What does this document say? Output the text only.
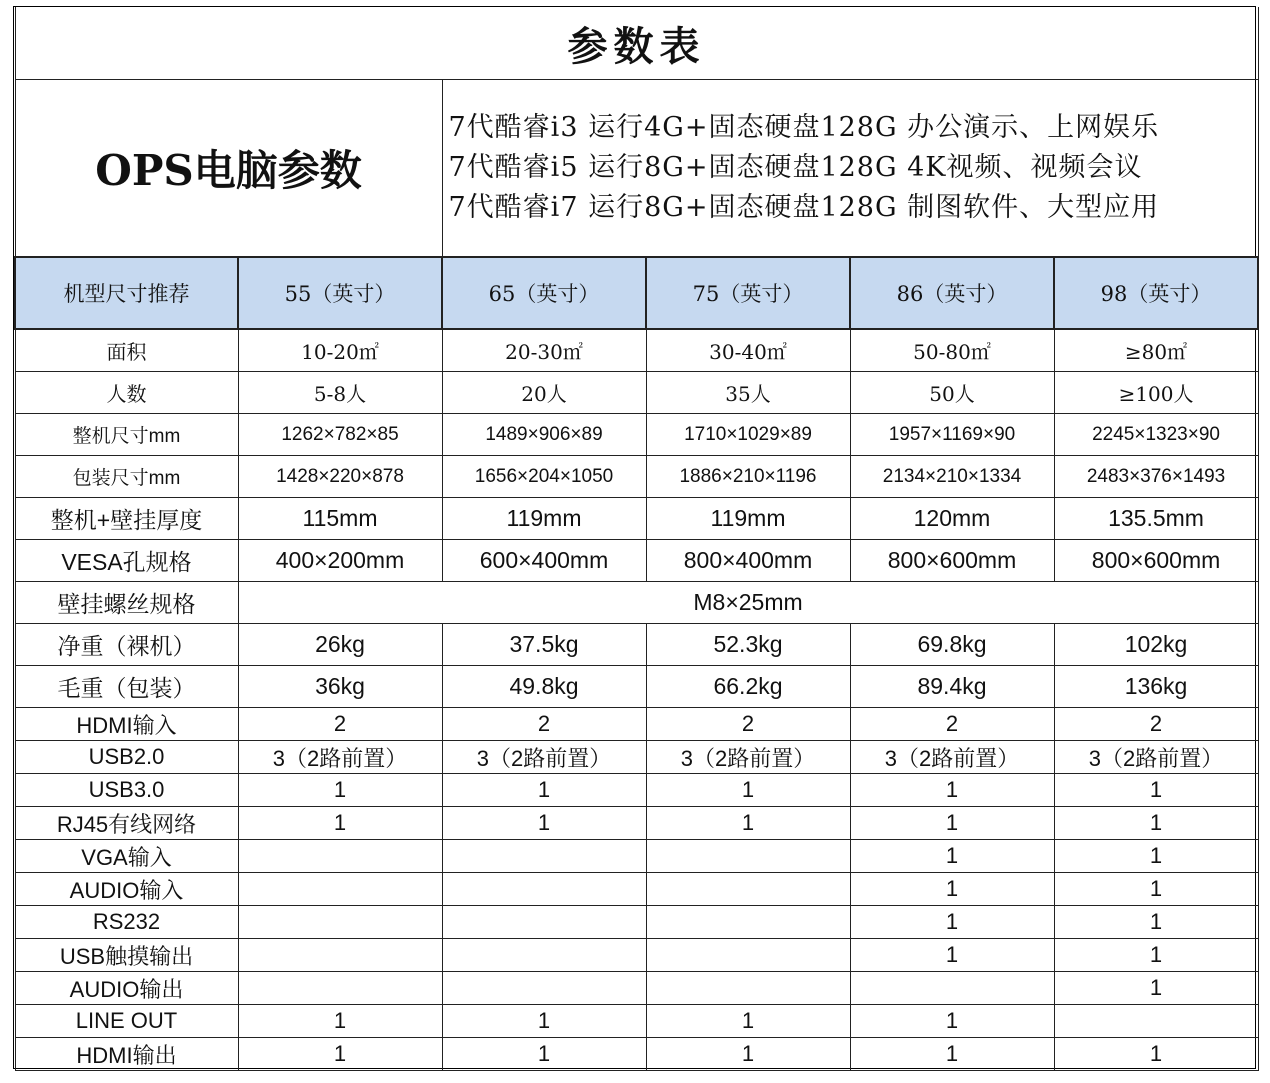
参数表					
OPS电脑参数		7代酷睿i3 运行4G+固态硬盘128G 办公演示、上网娱乐
7代酷睿i5 运行8G+固态硬盘128G 4K视频、视频会议
7代酷睿i7 运行8G+固态硬盘128G 制图软件、大型应用			

机型尺寸推荐	55（英寸）	65（英寸）	75（英寸）	86（英寸）	98（英寸）
面积	10-20㎡	20-30㎡	30-40㎡	50-80㎡	≥80㎡
人数	5-8人	20人	35人	50人	≥100人
整机尺寸mm	1262×782×85	1489×906×89	1710×1029×89	1957×1169×90	2245×1323×90
包装尺寸mm	1428×220×878	1656×204×1050	1886×210×1196	2134×210×1334	2483×376×1493
整机+壁挂厚度	115mm	119mm	119mm	120mm	135.5mm
VESA孔规格	400×200mm	600×400mm	800×400mm	800×600mm	800×600mm
壁挂螺丝规格	M8×25mm				
净重（裸机）	26kg	37.5kg	52.3kg	69.8kg	102kg
毛重（包装）	36kg	49.8kg	66.2kg	89.4kg	136kg
HDMI输入	2	2	2	2	2
USB2.0	3（2路前置）	3（2路前置）	3（2路前置）	3（2路前置）	3（2路前置）
USB3.0	1	1	1	1	1
RJ45有线网络	1	1	1	1	1
VGA输入				1	1
AUDIO输入				1	1
RS232				1	1
USB触摸输出				1	1
AUDIO输出					1
LINE OUT	1	1	1	1	
HDMI输出	1	1	1	1	1
